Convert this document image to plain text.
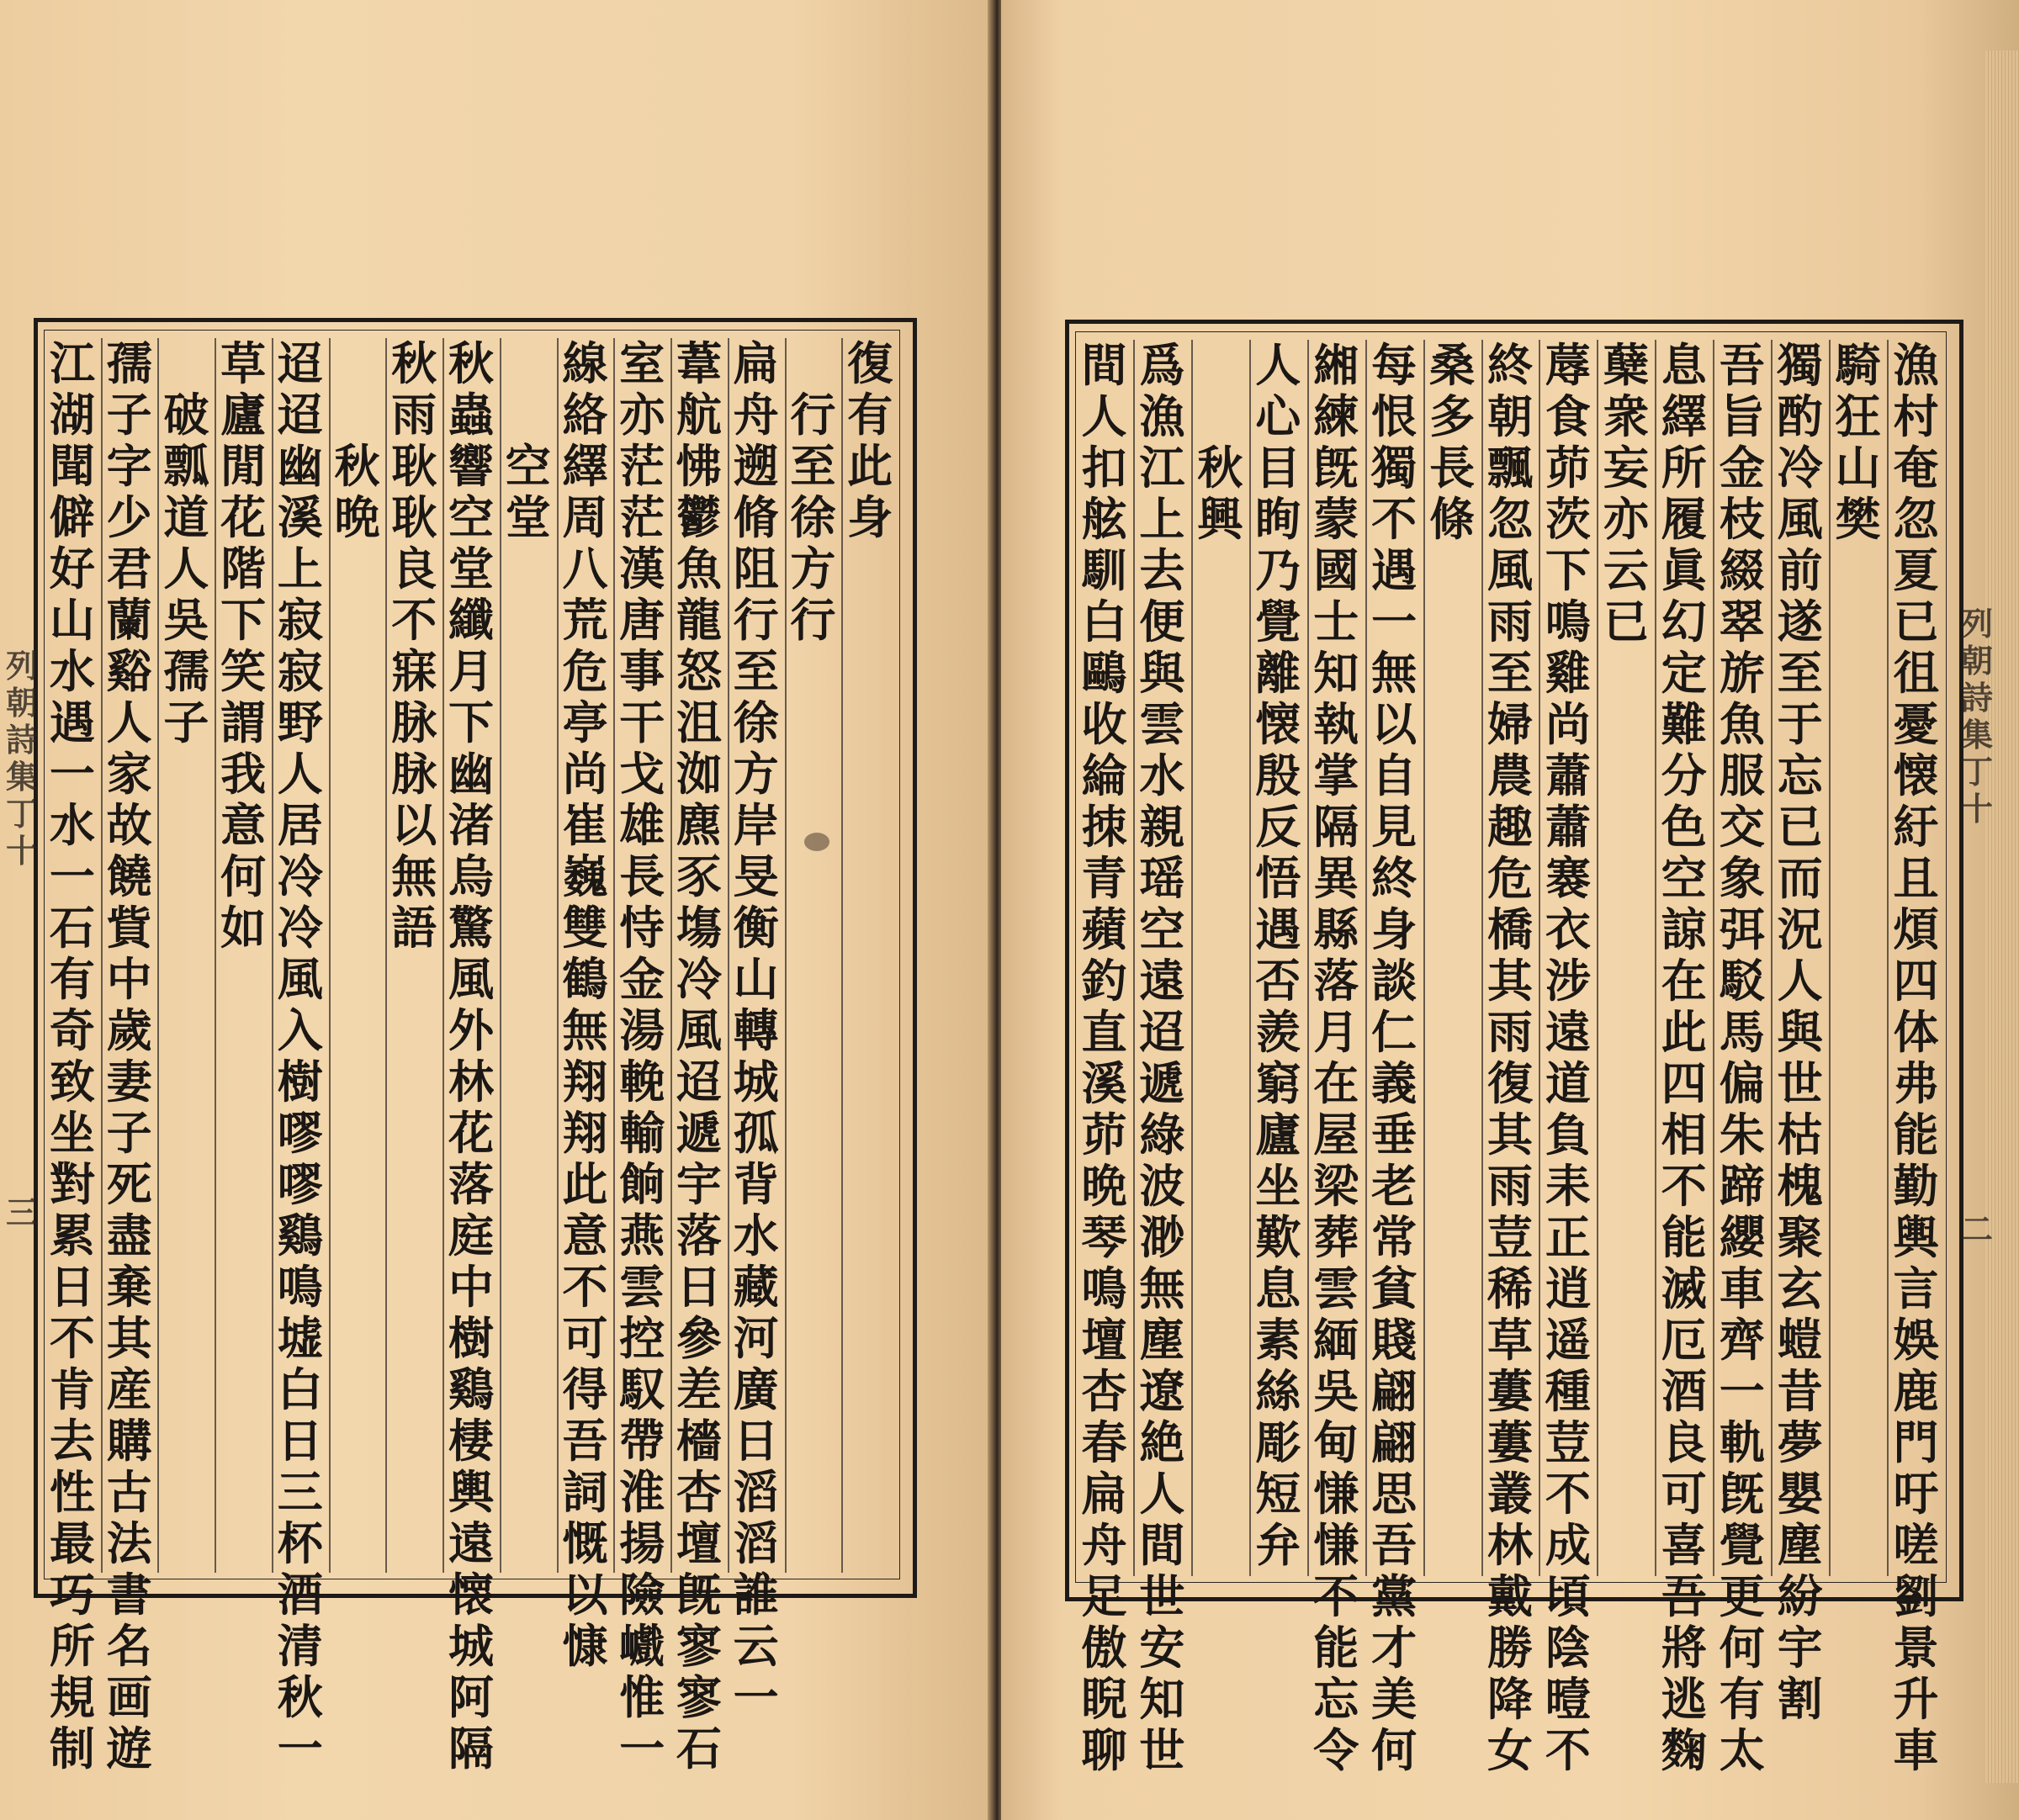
復
有
此
身

行
至
徐
方
行
扁
舟
遡
脩
阻
行
至
徐
方
岸
旻
衡
山
轉
城
孤
背
水
藏
河
廣
日
滔
滔
誰
云
一
葦
航
怫
鬱
魚
龍
怒
沮
洳
麃
豕
塲
冷
風
迢
遞
宇
落
日
參
差
檣
杏
壇
旣
寥
寥
石
室
亦
茫
茫
漢
唐
事
干
戈
雄
長
恃
金
湯
輓
輸
餉
燕
雲
控
馭
帶
淮
揚
險
巇
惟
一
線
絡
繹
周
八
荒
危
亭
尚
崔
巍
雙
鶴
無
翔
翔
此
意
不
可
得
吾
詞
慨
以
慷

空
堂
秋
蟲
響
空
堂
纖
月
下
幽
渚
烏
驚
風
外
林
花
落
庭
中
樹
鷄
棲
輿
遠
懐
城
阿
隔
秋
雨
耿
耿
良
不
寐
脉
脉
以
無
語

秋
晩
迢
迢
幽
溪
上
寂
寂
野
人
居
冷
冷
風
入
樹
嘐
嘐
鷄
鳴
墟
白
日
三
杯
酒
清
秋
一
草
廬
閒
花
階
下
笑
謂
我
意
何
如

破
瓢
道
人
吳
孺
子
孺
子
字
少
君
蘭
谿
人
家
故
饒
貲
中
歲
妻
子
死
盡
棄
其
産
購
古
法
書
名
画
遊
江
湖
聞
僻
好
山
水
遇
一
水
一
石
有
奇
致
坐
對
累
日
不
肯
去
性
最
巧
所
規
制
列
朝
詩
集
丁
十
三
漁
村
奄
忽
夏
已
徂
憂
懐
紆
且
煩
四
体
弗
能
勤
輿
言
娛
鹿
門
吁
嗟
劉
景
升
車
騎
狂
山
樊
獨
酌
冷
風
前
遂
至
于
忘
已
而
況
人
與
世
枯
槐
聚
玄
螘
昔
夢
嬰
塵
紛
宇
割
吾
旨
金
枝
綴
翠
旂
魚
服
交
象
弭
駁
馬
偏
朱
蹄
纓
車
齊
一
軌
旣
覺
更
何
有
太
息
繹
所
履
眞
幻
定
難
分
色
空
諒
在
此
四
相
不
能
滅
厄
酒
良
可
喜
吾
將
逃
麴
蘖
衆
妄
亦
云
已
蓐
食
茆
茨
下
鳴
雞
尚
蕭
蕭
褰
衣
涉
遠
道
負
耒
正
逍
遥
種
荳
不
成
頃
陰
曀
不
終
朝
飄
忽
風
雨
至
婦
農
趣
危
橋
其
雨
復
其
雨
荳
稀
草
蔞
蔞
叢
林
戴
勝
降
女
桑
多
長
條
每
恨
獨
不
遇
一
無
以
自
見
終
身
談
仁
義
垂
老
常
貧
賤
翩
翩
思
吾
黨
才
美
何
緗
練
旣
蒙
國
士
知
執
掌
隔
異
縣
落
月
在
屋
梁
葬
雲
緬
吳
甸
慊
慊
不
能
忘
令
人
心
目
眴
乃
覺
離
懐
殷
反
悟
遇
否
羨
窮
廬
坐
歎
息
素
絲
彫
短
弁

秋
興
爲
漁
江
上
去
便
與
雲
水
親
瑶
空
遠
迢
遞
綠
波
渺
無
塵
遼
絶
人
間
世
安
知
世
間
人
扣
舷
馴
白
鷗
收
綸
拺
青
蘋
釣
直
溪
茆
晩
琴
鳴
壇
杏
春
扁
舟
足
傲
睨
聊
列
朝
詩
集
丁
十
二
